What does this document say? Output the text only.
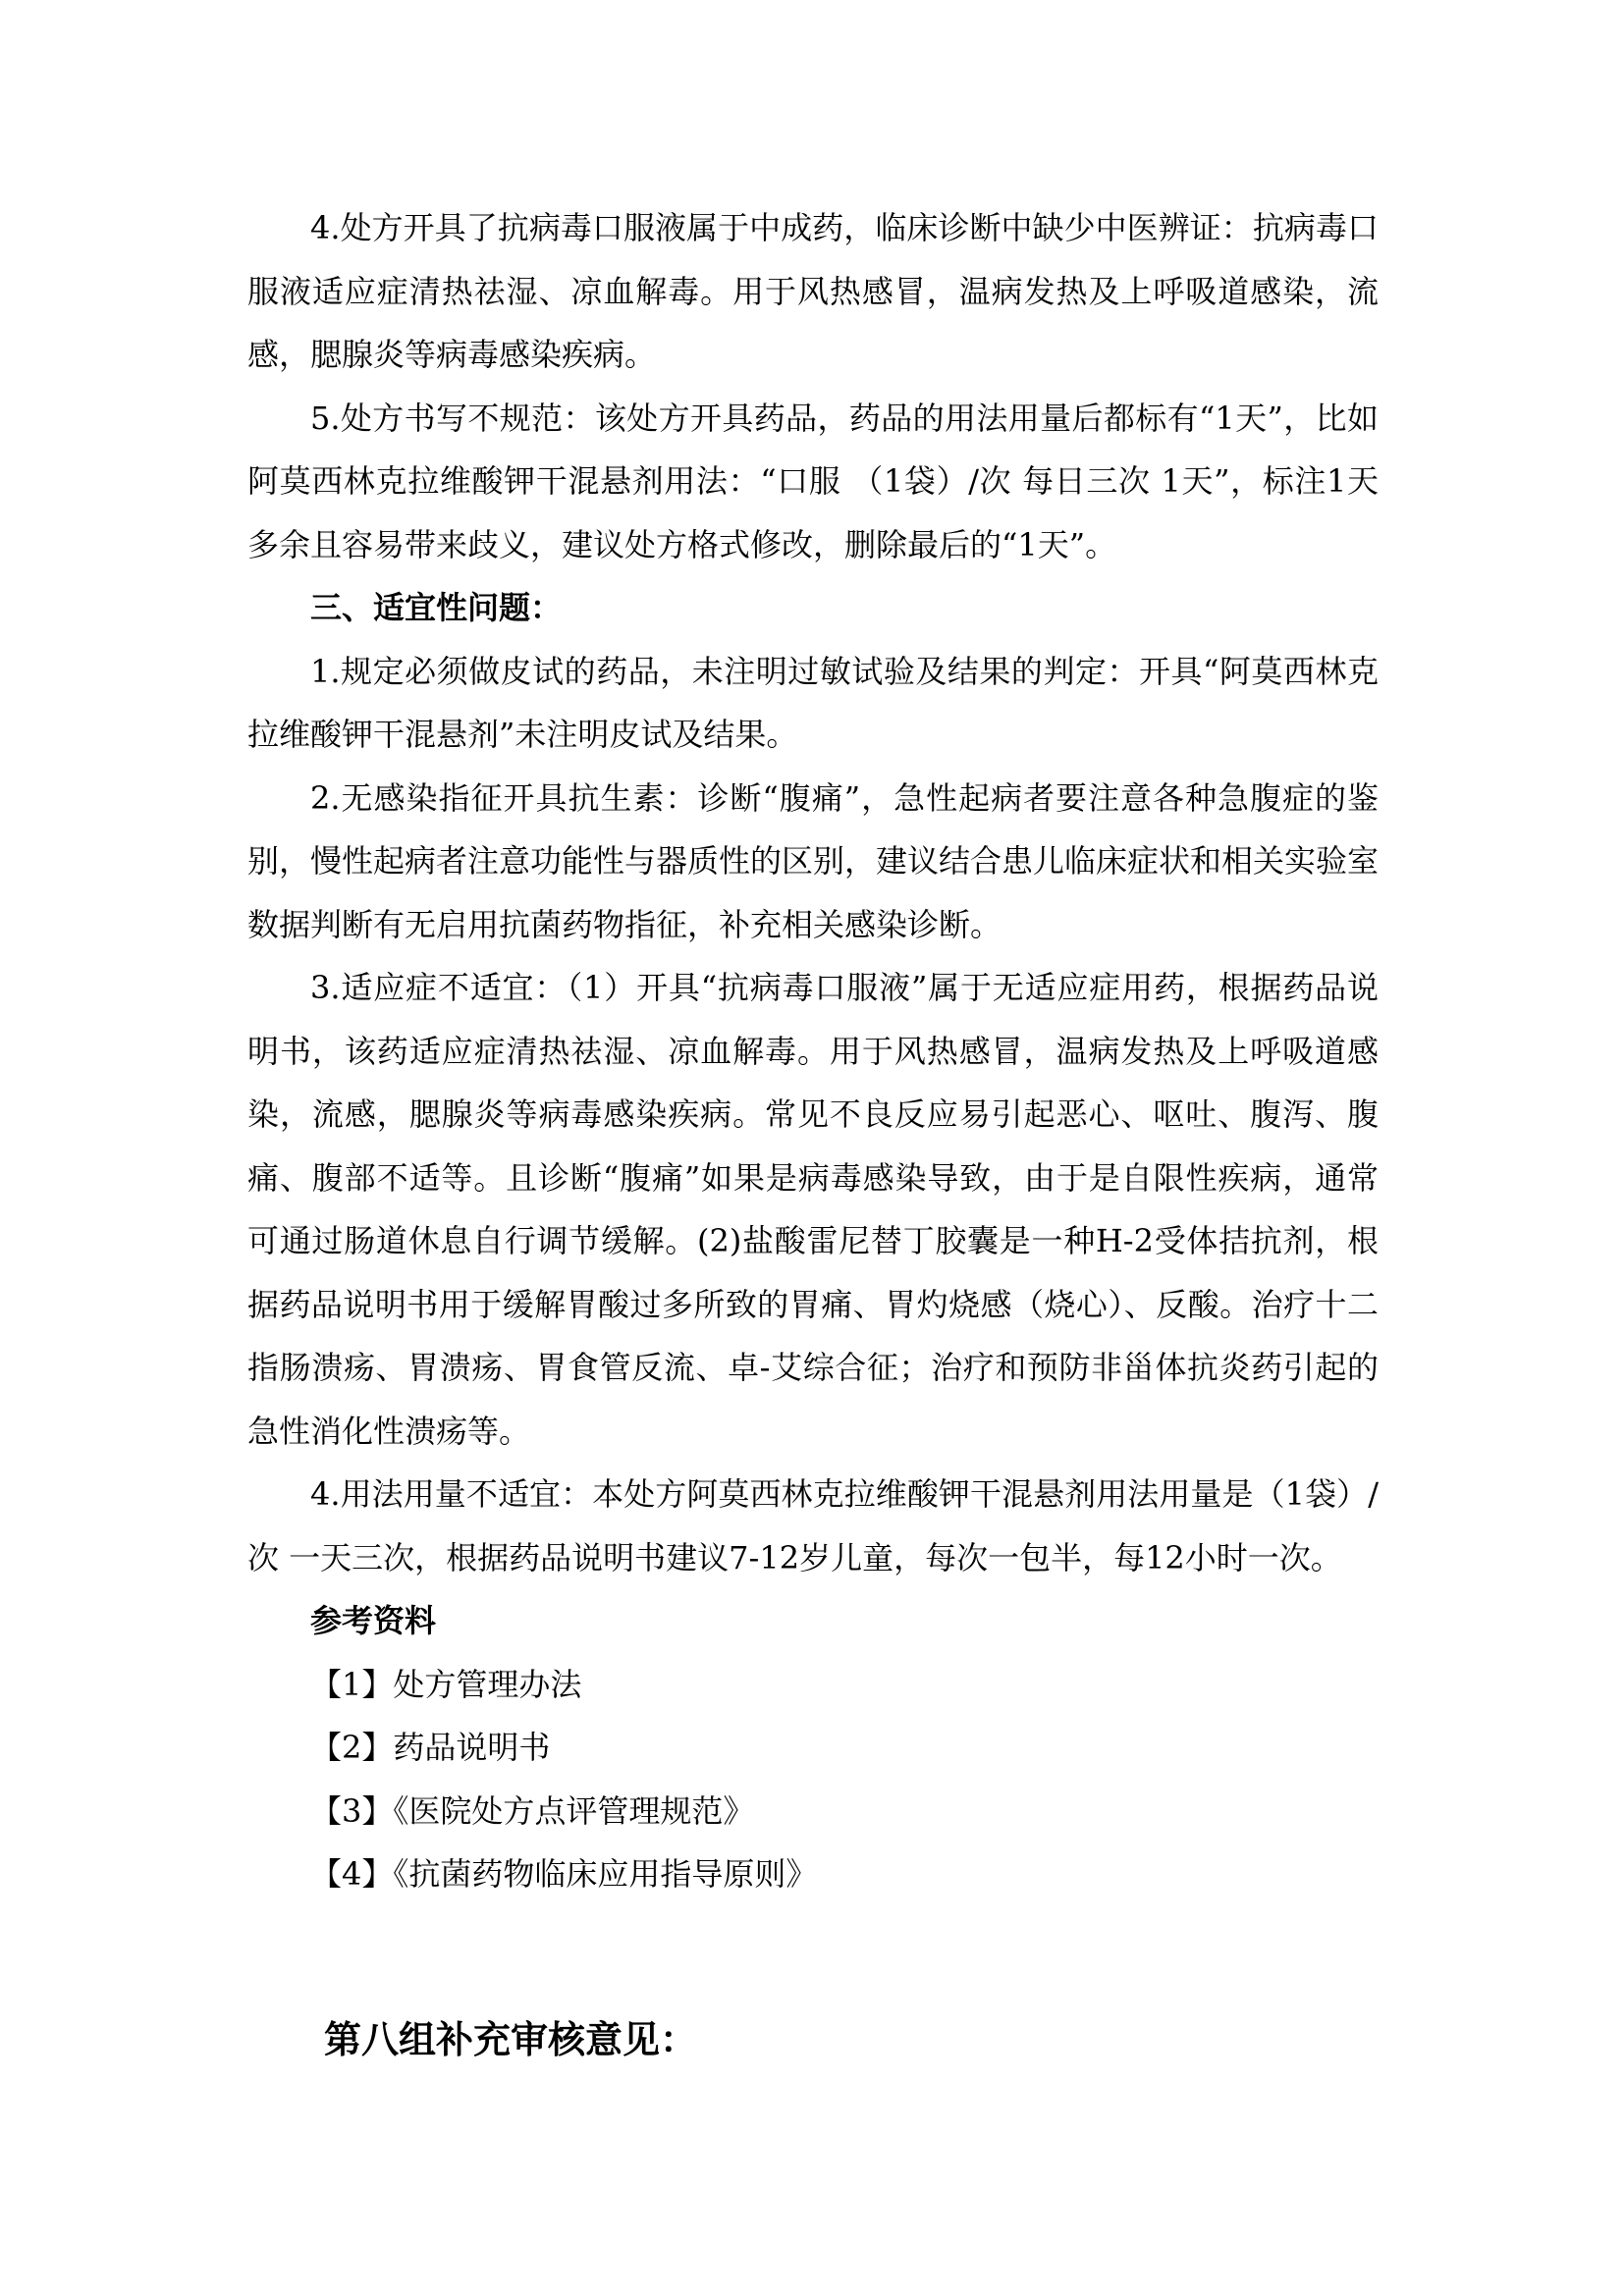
4.处方开具了抗病毒口服液属于中成药，临床诊断中缺少中医辨证：抗病毒口服液适应症清热祛湿、凉血解毒。用于风热感冒，温病发热及上呼吸道感染，流感，腮腺炎等病毒感染疾病。

5.处方书写不规范：该处方开具药品，药品的用法用量后都标有“1天”，比如阿莫西林克拉维酸钾干混悬剂用法：“口服 （1袋）/次 每日三次 1天”，标注1天多余且容易带来歧义，建议处方格式修改，删除最后的“1天”。

三、适宜性问题：

1.规定必须做皮试的药品，未注明过敏试验及结果的判定：开具“阿莫西林克拉维酸钾干混悬剂”未注明皮试及结果。

2.无感染指征开具抗生素：诊断“腹痛”，急性起病者要注意各种急腹症的鉴别，慢性起病者注意功能性与器质性的区别，建议结合患儿临床症状和相关实验室数据判断有无启用抗菌药物指征，补充相关感染诊断。

3.适应症不适宜：（1）开具“抗病毒口服液”属于无适应症用药，根据药品说明书，该药适应症清热祛湿、凉血解毒。用于风热感冒，温病发热及上呼吸道感染，流感，腮腺炎等病毒感染疾病。常见不良反应易引起恶心、呕吐、腹泻、腹痛、腹部不适等。且诊断“腹痛”如果是病毒感染导致，由于是自限性疾病，通常可通过肠道休息自行调节缓解。(2)盐酸雷尼替丁胶囊是一种H-2受体拮抗剂，根据药品说明书用于缓解胃酸过多所致的胃痛、胃灼烧感（烧心）、反酸。治疗十二指肠溃疡、胃溃疡、胃食管反流、卓-艾综合征；治疗和预防非甾体抗炎药引起的急性消化性溃疡等。

4.用法用量不适宜：本处方阿莫西林克拉维酸钾干混悬剂用法用量是（1袋）/次 一天三次，根据药品说明书建议7-12岁儿童，每次一包半，每12小时一次。

参考资料

【1】处方管理办法

【2】药品说明书

【3】《医院处方点评管理规范》

【4】《抗菌药物临床应用指导原则》

第八组补充审核意见：
